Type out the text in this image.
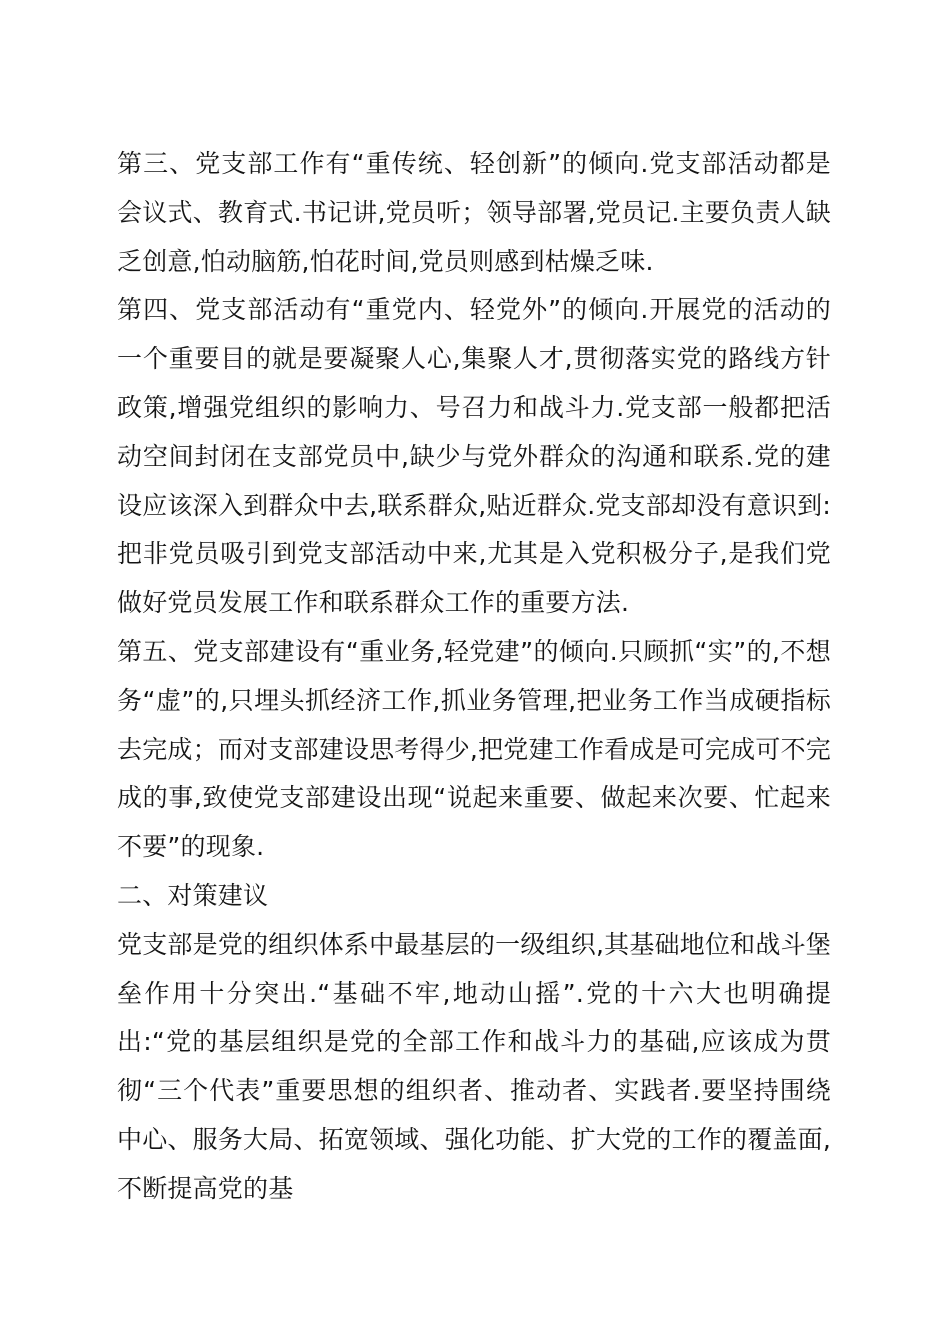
第三、党支部工作有“重传统、轻创新”的倾向.党支部活动都是会议式、教育式.书记讲,党员听；领导部署,党员记.主要负责人缺乏创意,怕动脑筋,怕花时间,党员则感到枯燥乏味.

第四、党支部活动有“重党内、轻党外”的倾向.开展党的活动的一个重要目的就是要凝聚人心,集聚人才,贯彻落实党的路线方针政策,增强党组织的影响力、号召力和战斗力.党支部一般都把活动空间封闭在支部党员中,缺少与党外群众的沟通和联系.党的建设应该深入到群众中去,联系群众,贴近群众.党支部却没有意识到:把非党员吸引到党支部活动中来,尤其是入党积极分子,是我们党做好党员发展工作和联系群众工作的重要方法.

第五、党支部建设有“重业务,轻党建”的倾向.只顾抓“实”的,不想务“虚”的,只埋头抓经济工作,抓业务管理,把业务工作当成硬指标去完成；而对支部建设思考得少,把党建工作看成是可完成可不完成的事,致使党支部建设出现“说起来重要、做起来次要、忙起来不要”的现象.

二、对策建议

党支部是党的组织体系中最基层的一级组织,其基础地位和战斗堡垒作用十分突出.“基础不牢,地动山摇”.党的十六大也明确提出:“党的基层组织是党的全部工作和战斗力的基础,应该成为贯彻“三个代表”重要思想的组织者、推动者、实践者.要坚持围绕中心、服务大局、拓宽领域、强化功能、扩大党的工作的覆盖面,不断提高党的基
